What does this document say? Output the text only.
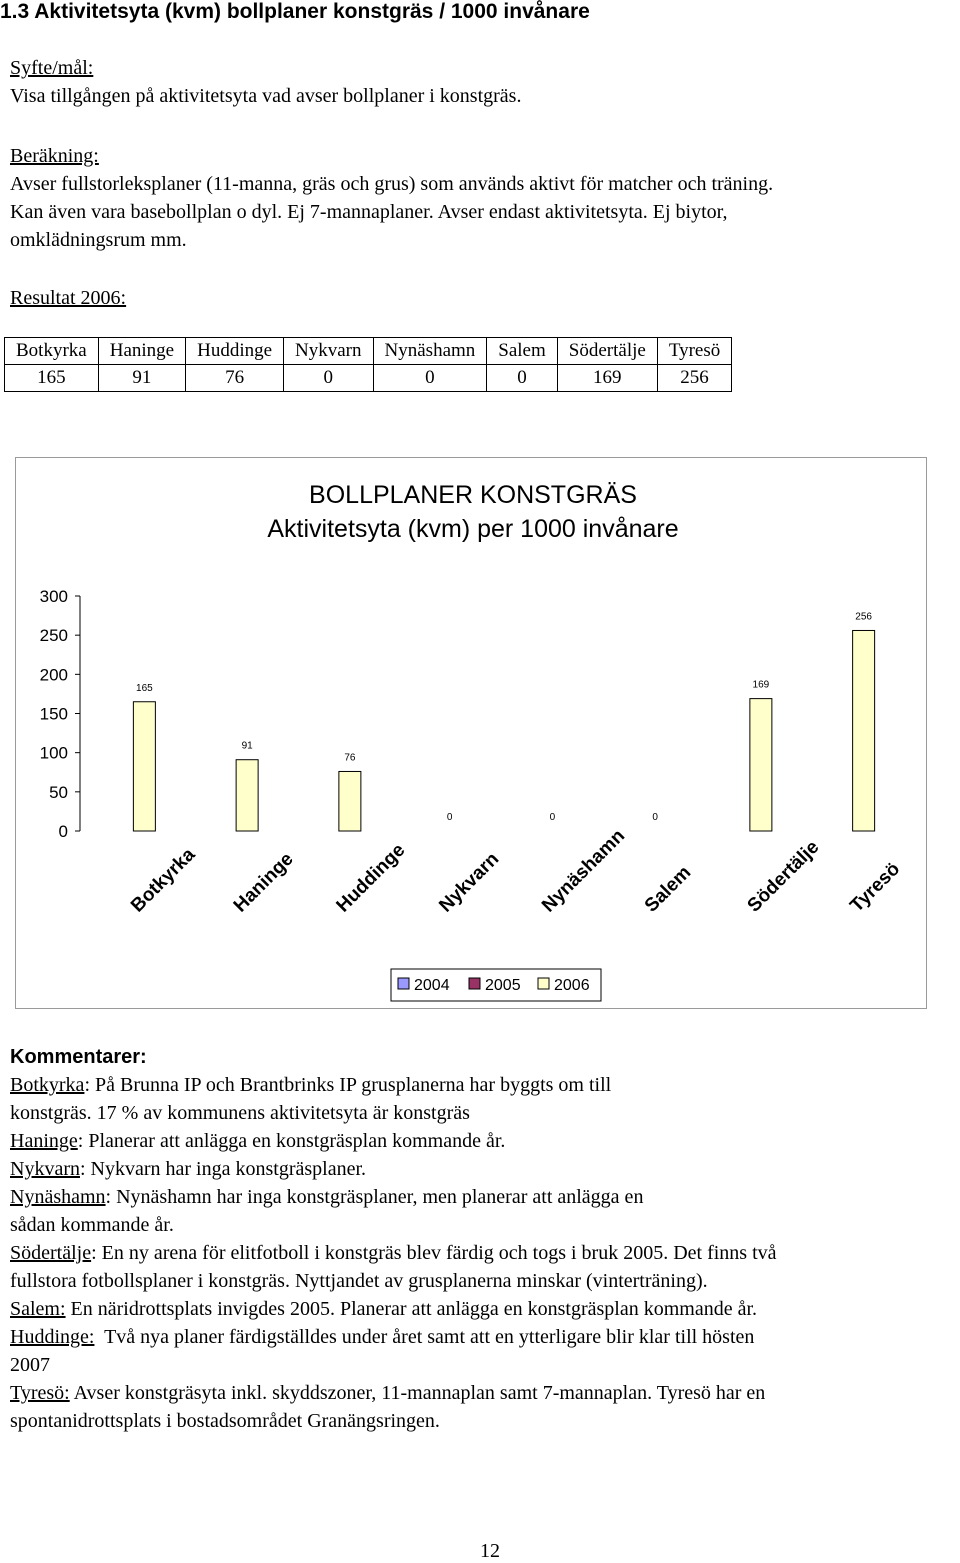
1.3 Aktivitetsyta (kvm) bollplaner konstgräs / 1000 invånare
Syfte/mål:
Visa tillgången på aktivitetsyta vad avser bollplaner i konstgräs.
Beräkning:
Avser fullstorleksplaner (11-manna, gräs och grus) som används aktivt för matcher och träning.
Kan även vara basebollplan o dyl. Ej 7-mannaplaner. Avser endast aktivitetsyta. Ej biytor,
omklädningsrum mm.
Resultat 2006:
Botkyrka	Haninge	Huddinge	Nykvarn	Nynäshamn	Salem	Södertälje	Tyresö
165	91	76	0	0	0	169	256
BOLLPLANER KONSTGRÄS
Aktivitetsyta (kvm) per 1000 invånare
0
50
100
150
200
250
300
165
91
76
0	0	0
169
256
Botkyrka Haninge Huddinge Nykvarn Nynäshamn Salem	Södertälje Tyresö
2004 2005 2006
Kommentarer:
Botkyrka: På Brunna IP och Brantbrinks IP grusplanerna har byggts om till
konstgräs. 17 % av kommunens aktivitetsyta är konstgräs
Haninge: Planerar att anlägga en konstgräsplan kommande år.
Nykvarn: Nykvarn har inga konstgräsplaner.
Nynäshamn: Nynäshamn har inga konstgräsplaner, men planerar att anlägga en
sådan kommande år.
Södertälje: En ny arena för elitfotboll i konstgräs blev färdig och togs i bruk 2005. Det finns två
fullstora fotbollsplaner i konstgräs. Nyttjandet av grusplanerna minskar (vinterträning).
Salem: En näridrottsplats invigdes 2005. Planerar att anlägga en konstgräsplan kommande år.
Huddinge:  Två nya planer färdigställdes under året samt att en ytterligare blir klar till hösten
2007
Tyresö: Avser konstgräsyta inkl. skyddszoner, 11-mannaplan samt 7-mannaplan. Tyresö har en
spontanidrottsplats i bostadsområdet Granängsringen.
12
